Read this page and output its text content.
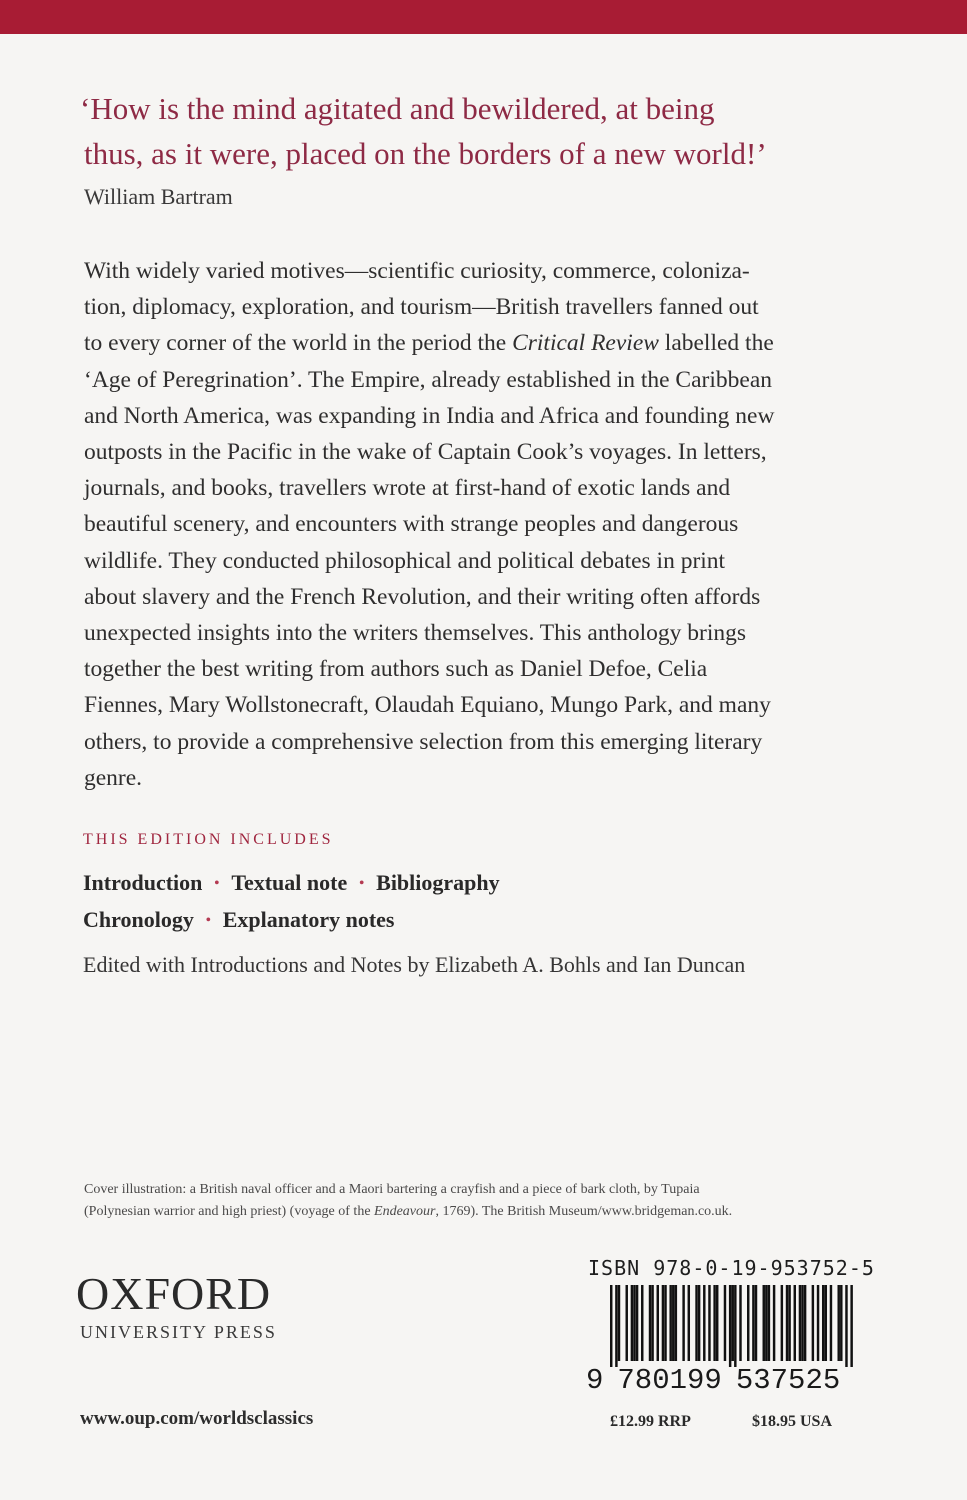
‘How is the mind agitated and bewildered, at being
thus, as it were, placed on the borders of a new world!’
William Bartram
With widely varied motives—scientific curiosity, commerce, coloniza-
tion, diplomacy, exploration, and tourism—British travellers fanned out
to every corner of the world in the period the Critical Review labelled the
‘Age of Peregrination’. The Empire, already established in the Caribbean
and North America, was expanding in India and Africa and founding new
outposts in the Pacific in the wake of Captain Cook’s voyages. In letters,
journals, and books, travellers wrote at first-hand of exotic lands and
beautiful scenery, and encounters with strange peoples and dangerous
wildlife. They conducted philosophical and political debates in print
about slavery and the French Revolution, and their writing often affords
unexpected insights into the writers themselves. This anthology brings
together the best writing from authors such as Daniel Defoe, Celia
Fiennes, Mary Wollstonecraft, Olaudah Equiano, Mungo Park, and many
others, to provide a comprehensive selection from this emerging literary
genre.
THIS EDITION INCLUDES
Introduction • Textual note • Bibliography
Chronology • Explanatory notes
Edited with Introductions and Notes by Elizabeth A. Bohls and Ian Duncan
Cover illustration: a British naval officer and a Maori bartering a crayfish and a piece of bark cloth, by Tupaia
(Polynesian warrior and high priest) (voyage of the Endeavour, 1769). The British Museum/www.bridgeman.co.uk.
OXFORD
UNIVERSITY PRESS
www.oup.com/worldsclassics
ISBN 978-0-19-953752-5
9 780199 537525
£12.99 RRP	$18.95 USA
